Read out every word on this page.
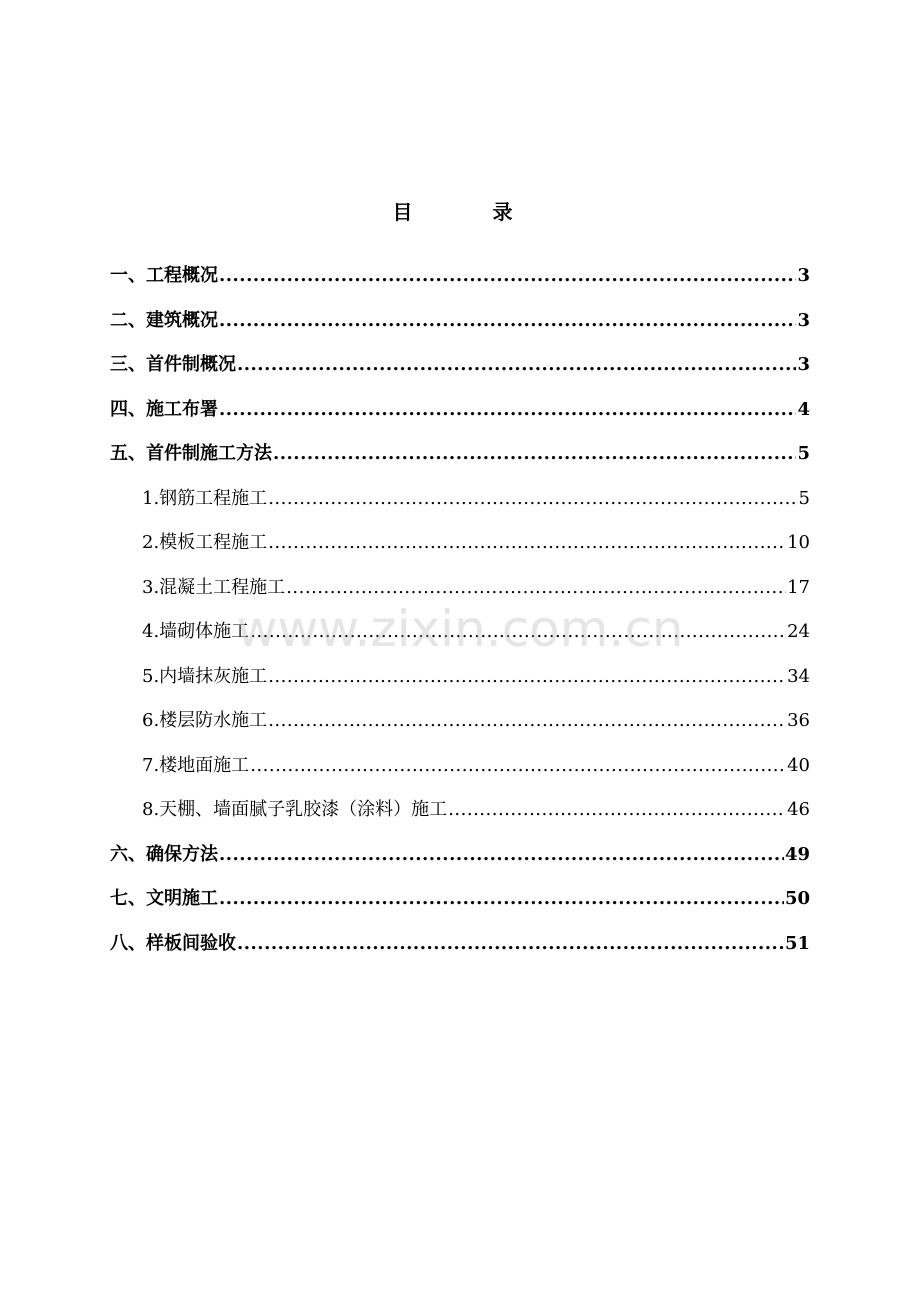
目　录
一、工程概况 .....	3
二、建筑概况 .....	3
三、首件制概况 .....	3
四、施工布署 .....	4
五、首件制施工方法 .....	5
1.钢筋工程施工 .....	5
2.模板工程施工 .....	10
3.混凝土工程施工 .....	17
4.墙砌体施工 .....	24
5.内墙抹灰施工 .....	34
6.楼层防水施工 .....	36
7.楼地面施工 .....	40
8.天棚、墙面腻子乳胶漆（涂料）施工 .....	46
六、确保方法 .....	49
七、文明施工 .....	50
八、样板间验收 .....	51
www.zixin.com.cn
